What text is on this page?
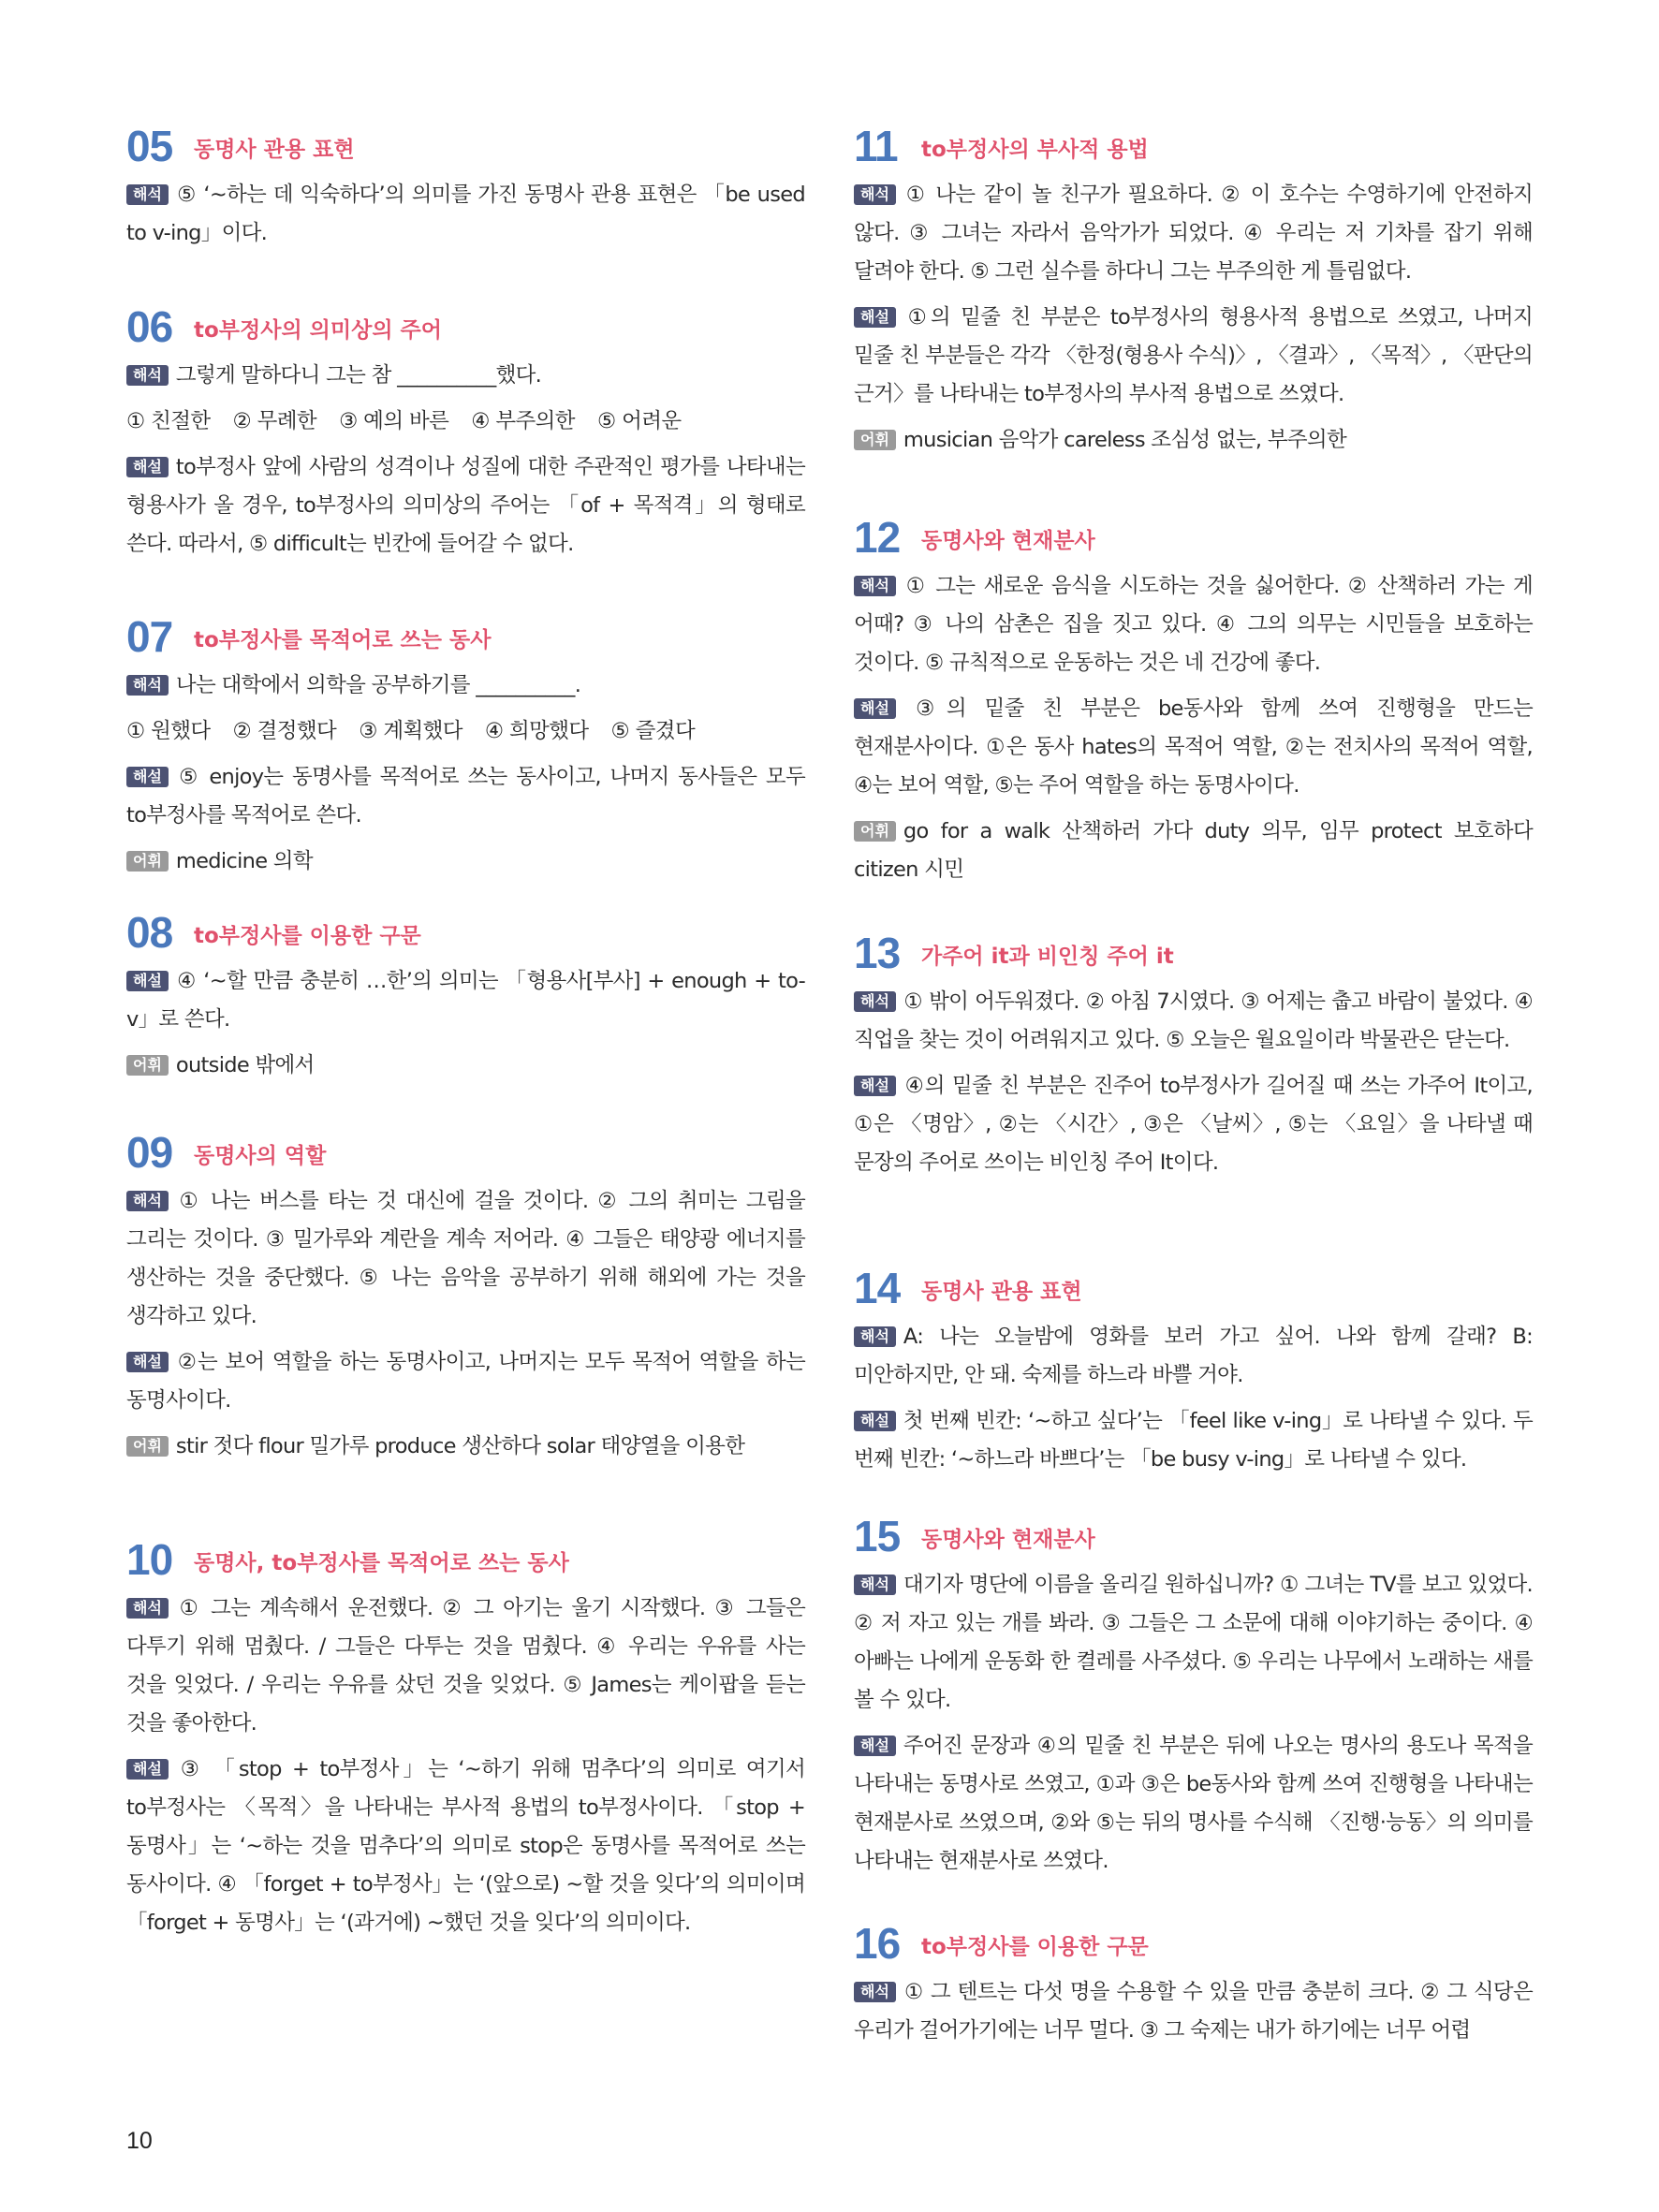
05 동명사 관용 표현
해석 ⑤ ‘~하는 데 익숙하다’의 의미를 가진 동명사 관용 표현은 「be used to v-ing」이다.
06 to부정사의 의미상의 주어
해석 그렇게 말하다니 그는 참 __________했다.
① 친절한 ② 무례한 ③ 예의 바른 ④ 부주의한 ⑤ 어려운
해설 to부정사 앞에 사람의 성격이나 성질에 대한 주관적인 평가를 나타내는 형용사가 올 경우, to부정사의 의미상의 주어는 「of + 목적격」의 형태로 쓴다. 따라서, ⑤ difficult는 빈칸에 들어갈 수 없다.
07 to부정사를 목적어로 쓰는 동사
해석 나는 대학에서 의학을 공부하기를 __________.
① 원했다 ② 결정했다 ③ 계획했다 ④ 희망했다 ⑤ 즐겼다
해설 ⑤ enjoy는 동명사를 목적어로 쓰는 동사이고, 나머지 동사들은 모두 to부정사를 목적어로 쓴다.
어휘 medicine 의학
08 to부정사를 이용한 구문
해설 ④ ‘~할 만큼 충분히 …한’의 의미는 「형용사[부사] + enough + to-v」로 쓴다.
어휘 outside 밖에서
09 동명사의 역할
해석 ① 나는 버스를 타는 것 대신에 걸을 것이다. ② 그의 취미는 그림을 그리는 것이다. ③ 밀가루와 계란을 계속 저어라. ④ 그들은 태양광 에너지를 생산하는 것을 중단했다. ⑤ 나는 음악을 공부하기 위해 해외에 가는 것을 생각하고 있다.
해설 ②는 보어 역할을 하는 동명사이고, 나머지는 모두 목적어 역할을 하는 동명사이다.
어휘 stir 젓다 flour 밀가루 produce 생산하다 solar 태양열을 이용한
10 동명사, to부정사를 목적어로 쓰는 동사
해석 ① 그는 계속해서 운전했다. ② 그 아기는 울기 시작했다. ③ 그들은 다투기 위해 멈췄다. / 그들은 다투는 것을 멈췄다. ④ 우리는 우유를 사는 것을 잊었다. / 우리는 우유를 샀던 것을 잊었다. ⑤ James는 케이팝을 듣는 것을 좋아한다.
해설 ③ 「stop + to부정사」는 ‘~하기 위해 멈추다’의 의미로 여기서 to부정사는 〈목적〉을 나타내는 부사적 용법의 to부정사이다. 「stop + 동명사」는 ‘~하는 것을 멈추다’의 의미로 stop은 동명사를 목적어로 쓰는 동사이다. ④ 「forget + to부정사」는 ‘(앞으로) ~할 것을 잊다’의 의미이며 「forget + 동명사」는 ‘(과거에) ~했던 것을 잊다’의 의미이다.
11 to부정사의 부사적 용법
해석 ① 나는 같이 놀 친구가 필요하다. ② 이 호수는 수영하기에 안전하지 않다. ③ 그녀는 자라서 음악가가 되었다. ④ 우리는 저 기차를 잡기 위해 달려야 한다. ⑤ 그런 실수를 하다니 그는 부주의한 게 틀림없다.
해설 ①의 밑줄 친 부분은 to부정사의 형용사적 용법으로 쓰였고, 나머지 밑줄 친 부분들은 각각 〈한정(형용사 수식)〉, 〈결과〉, 〈목적〉, 〈판단의 근거〉를 나타내는 to부정사의 부사적 용법으로 쓰였다.
어휘 musician 음악가 careless 조심성 없는, 부주의한
12 동명사와 현재분사
해석 ① 그는 새로운 음식을 시도하는 것을 싫어한다. ② 산책하러 가는 게 어때? ③ 나의 삼촌은 집을 짓고 있다. ④ 그의 의무는 시민들을 보호하는 것이다. ⑤ 규칙적으로 운동하는 것은 네 건강에 좋다.
해설 ③의 밑줄 친 부분은 be동사와 함께 쓰여 진행형을 만드는 현재분사이다. ①은 동사 hates의 목적어 역할, ②는 전치사의 목적어 역할, ④는 보어 역할, ⑤는 주어 역할을 하는 동명사이다.
어휘 go for a walk 산책하러 가다 duty 의무, 임무 protect 보호하다 citizen 시민
13 가주어 it과 비인칭 주어 it
해석 ① 밖이 어두워졌다. ② 아침 7시였다. ③ 어제는 춥고 바람이 불었다. ④ 직업을 찾는 것이 어려워지고 있다. ⑤ 오늘은 월요일이라 박물관은 닫는다.
해설 ④의 밑줄 친 부분은 진주어 to부정사가 길어질 때 쓰는 가주어 It이고, ①은 〈명암〉, ②는 〈시간〉, ③은 〈날씨〉, ⑤는 〈요일〉을 나타낼 때 문장의 주어로 쓰이는 비인칭 주어 It이다.
14 동명사 관용 표현
해석 A: 나는 오늘밤에 영화를 보러 가고 싶어. 나와 함께 갈래? B: 미안하지만, 안 돼. 숙제를 하느라 바쁠 거야.
해설 첫 번째 빈칸: ‘~하고 싶다’는 「feel like v-ing」로 나타낼 수 있다. 두 번째 빈칸: ‘~하느라 바쁘다’는 「be busy v-ing」로 나타낼 수 있다.
15 동명사와 현재분사
해석 대기자 명단에 이름을 올리길 원하십니까? ① 그녀는 TV를 보고 있었다. ② 저 자고 있는 개를 봐라. ③ 그들은 그 소문에 대해 이야기하는 중이다. ④ 아빠는 나에게 운동화 한 켤레를 사주셨다. ⑤ 우리는 나무에서 노래하는 새를 볼 수 있다.
해설 주어진 문장과 ④의 밑줄 친 부분은 뒤에 나오는 명사의 용도나 목적을 나타내는 동명사로 쓰였고, ①과 ③은 be동사와 함께 쓰여 진행형을 나타내는 현재분사로 쓰였으며, ②와 ⑤는 뒤의 명사를 수식해 〈진행·능동〉의 의미를 나타내는 현재분사로 쓰였다.
16 to부정사를 이용한 구문
해석 ① 그 텐트는 다섯 명을 수용할 수 있을 만큼 충분히 크다. ② 그 식당은 우리가 걸어가기에는 너무 멀다. ③ 그 숙제는 내가 하기에는 너무 어렵
10
